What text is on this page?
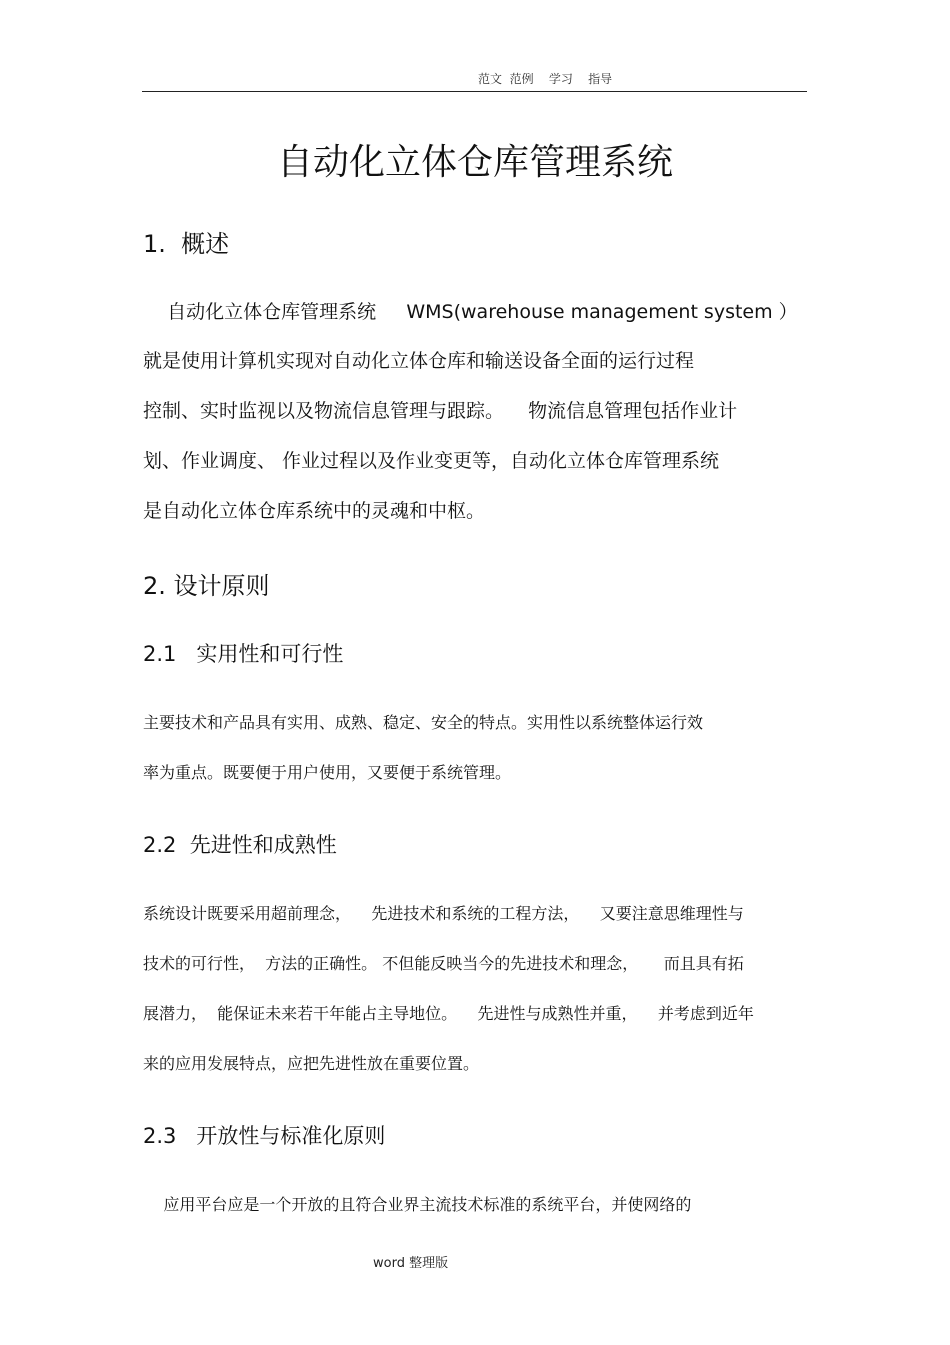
范文  范例    学习    指导
自动化立体仓库管理系统
1.  概述
自动化立体仓库管理系统     WMS(warehouse management system ）
就是使用计算机实现对自动化立体仓库和输送设备全面的运行过程
控制、实时监视以及物流信息管理与跟踪。    物流信息管理包括作业计
划、作业调度、 作业过程以及作业变更等，自动化立体仓库管理系统
是自动化立体仓库系统中的灵魂和中枢。
2. 设计原则
2.1   实用性和可行性
主要技术和产品具有实用、成熟、稳定、安全的特点。实用性以系统整体运行效
率为重点。既要便于用户使用，又要便于系统管理。
2.2  先进性和成熟性
系统设计既要采用超前理念，    先进技术和系统的工程方法，    又要注意思维理性与
技术的可行性，  方法的正确性。 不但能反映当今的先进技术和理念，     而且具有拓
展潜力，  能保证未来若干年能占主导地位。    先进性与成熟性并重，    并考虑到近年
来的应用发展特点，应把先进性放在重要位置。
2.3   开放性与标准化原则
应用平台应是一个开放的且符合业界主流技术标准的系统平台，并使网络的
word 整理版
